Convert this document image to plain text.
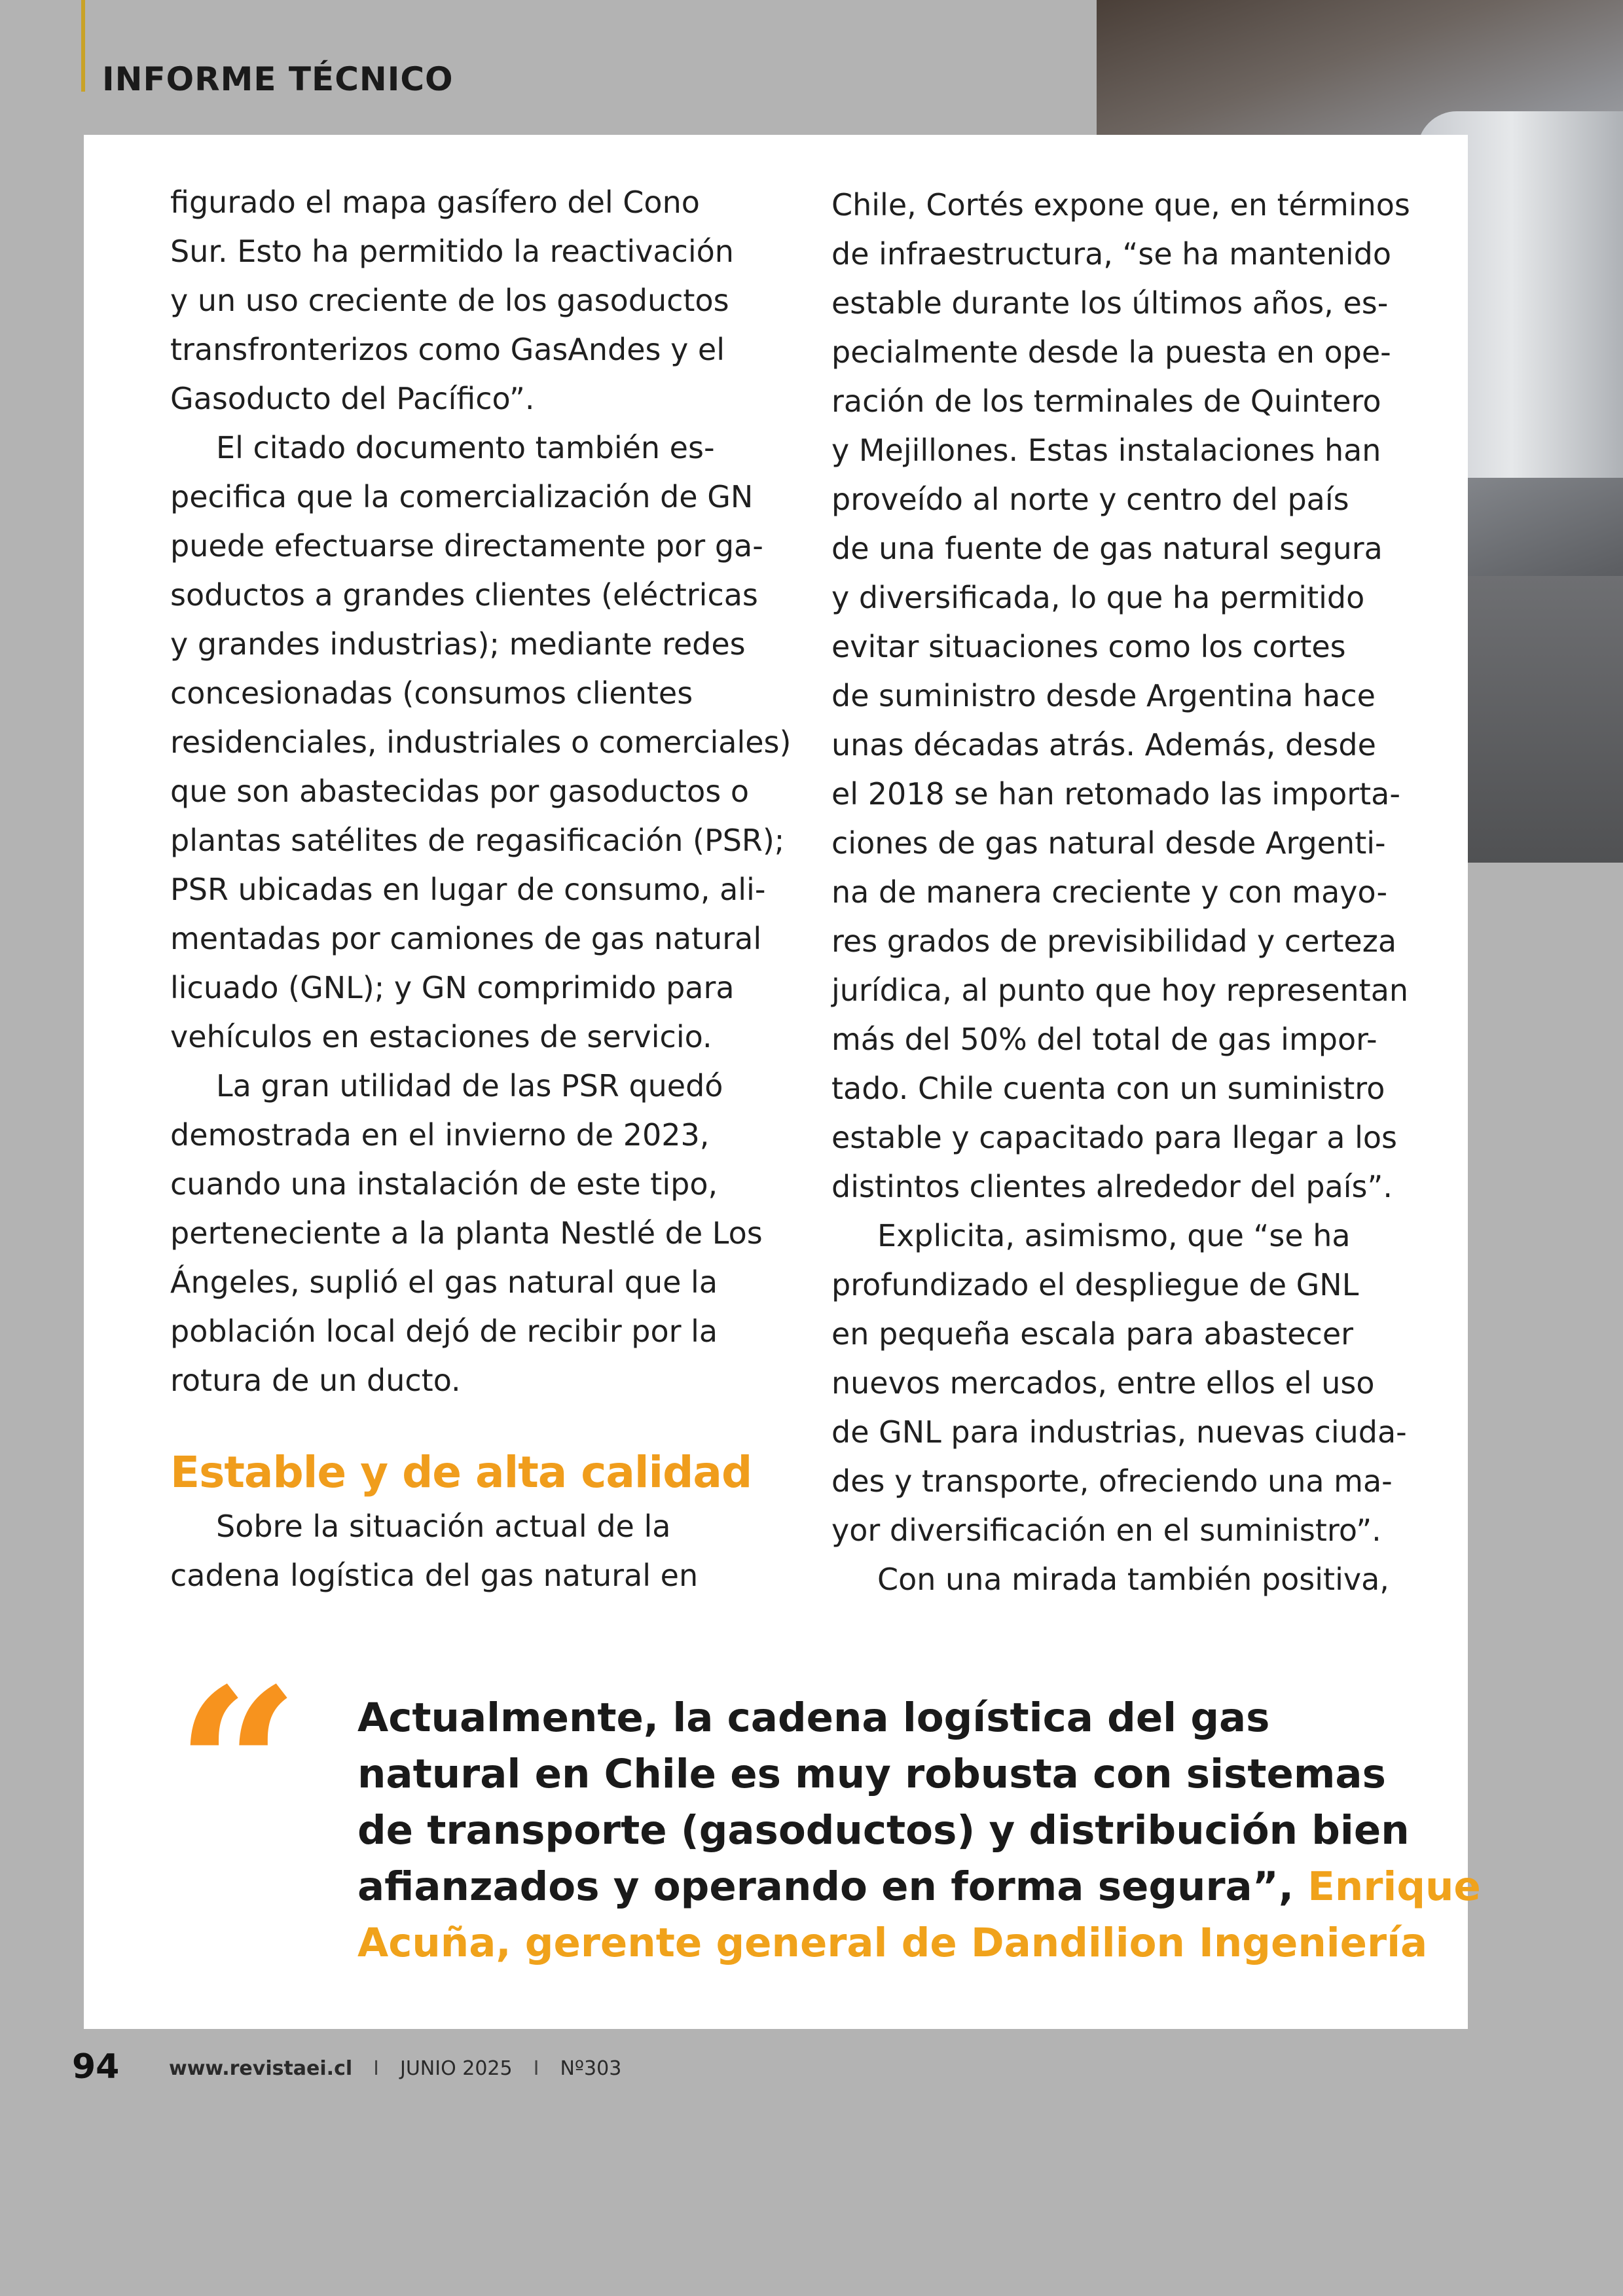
INFORME TÉCNICO

figurado el mapa gasífero del Cono
Sur. Esto ha permitido la reactivación
y un uso creciente de los gasoductos
transfronterizos como GasAndes y el
Gasoducto del Pacífico”.

El citado documento también es-
pecifica que la comercialización de GN
puede efectuarse directamente por ga-
soductos a grandes clientes (eléctricas
y grandes industrias); mediante redes
concesionadas (consumos clientes
residenciales, industriales o comerciales)
que son abastecidas por gasoductos o
plantas satélites de regasificación (PSR);
PSR ubicadas en lugar de consumo, ali-
mentadas por camiones de gas natural
licuado (GNL); y GN comprimido para
vehículos en estaciones de servicio.

La gran utilidad de las PSR quedó
demostrada en el invierno de 2023,
cuando una instalación de este tipo,
perteneciente a la planta Nestlé de Los
Ángeles, suplió el gas natural que la
población local dejó de recibir por la
rotura de un ducto.

Estable y de alta calidad

Sobre la situación actual de la
cadena logística del gas natural en

Chile, Cortés expone que, en términos
de infraestructura, “se ha mantenido
estable durante los últimos años, es-
pecialmente desde la puesta en ope-
ración de los terminales de Quintero
y Mejillones. Estas instalaciones han
proveído al norte y centro del país
de una fuente de gas natural segura
y diversificada, lo que ha permitido
evitar situaciones como los cortes
de suministro desde Argentina hace
unas décadas atrás. Además, desde
el 2018 se han retomado las importa-
ciones de gas natural desde Argenti-
na de manera creciente y con mayo-
res grados de previsibilidad y certeza
jurídica, al punto que hoy representan
más del 50% del total de gas impor-
tado. Chile cuenta con un suministro
estable y capacitado para llegar a los
distintos clientes alrededor del país”.

Explicita, asimismo, que “se ha
profundizado el despliegue de GNL
en pequeña escala para abastecer
nuevos mercados, entre ellos el uso
de GNL para industrias, nuevas ciuda-
des y transporte, ofreciendo una ma-
yor diversificación en el suministro”.

Con una mirada también positiva,

“ Actualmente, la cadena logística del gas
natural en Chile es muy robusta con sistemas
de transporte (gasoductos) y distribución bien
afianzados y operando en forma segura”, Enrique
Acuña, gerente general de Dandilion Ingeniería

94	www.revistaei.cl I JUNIO 2025 I Nº303
